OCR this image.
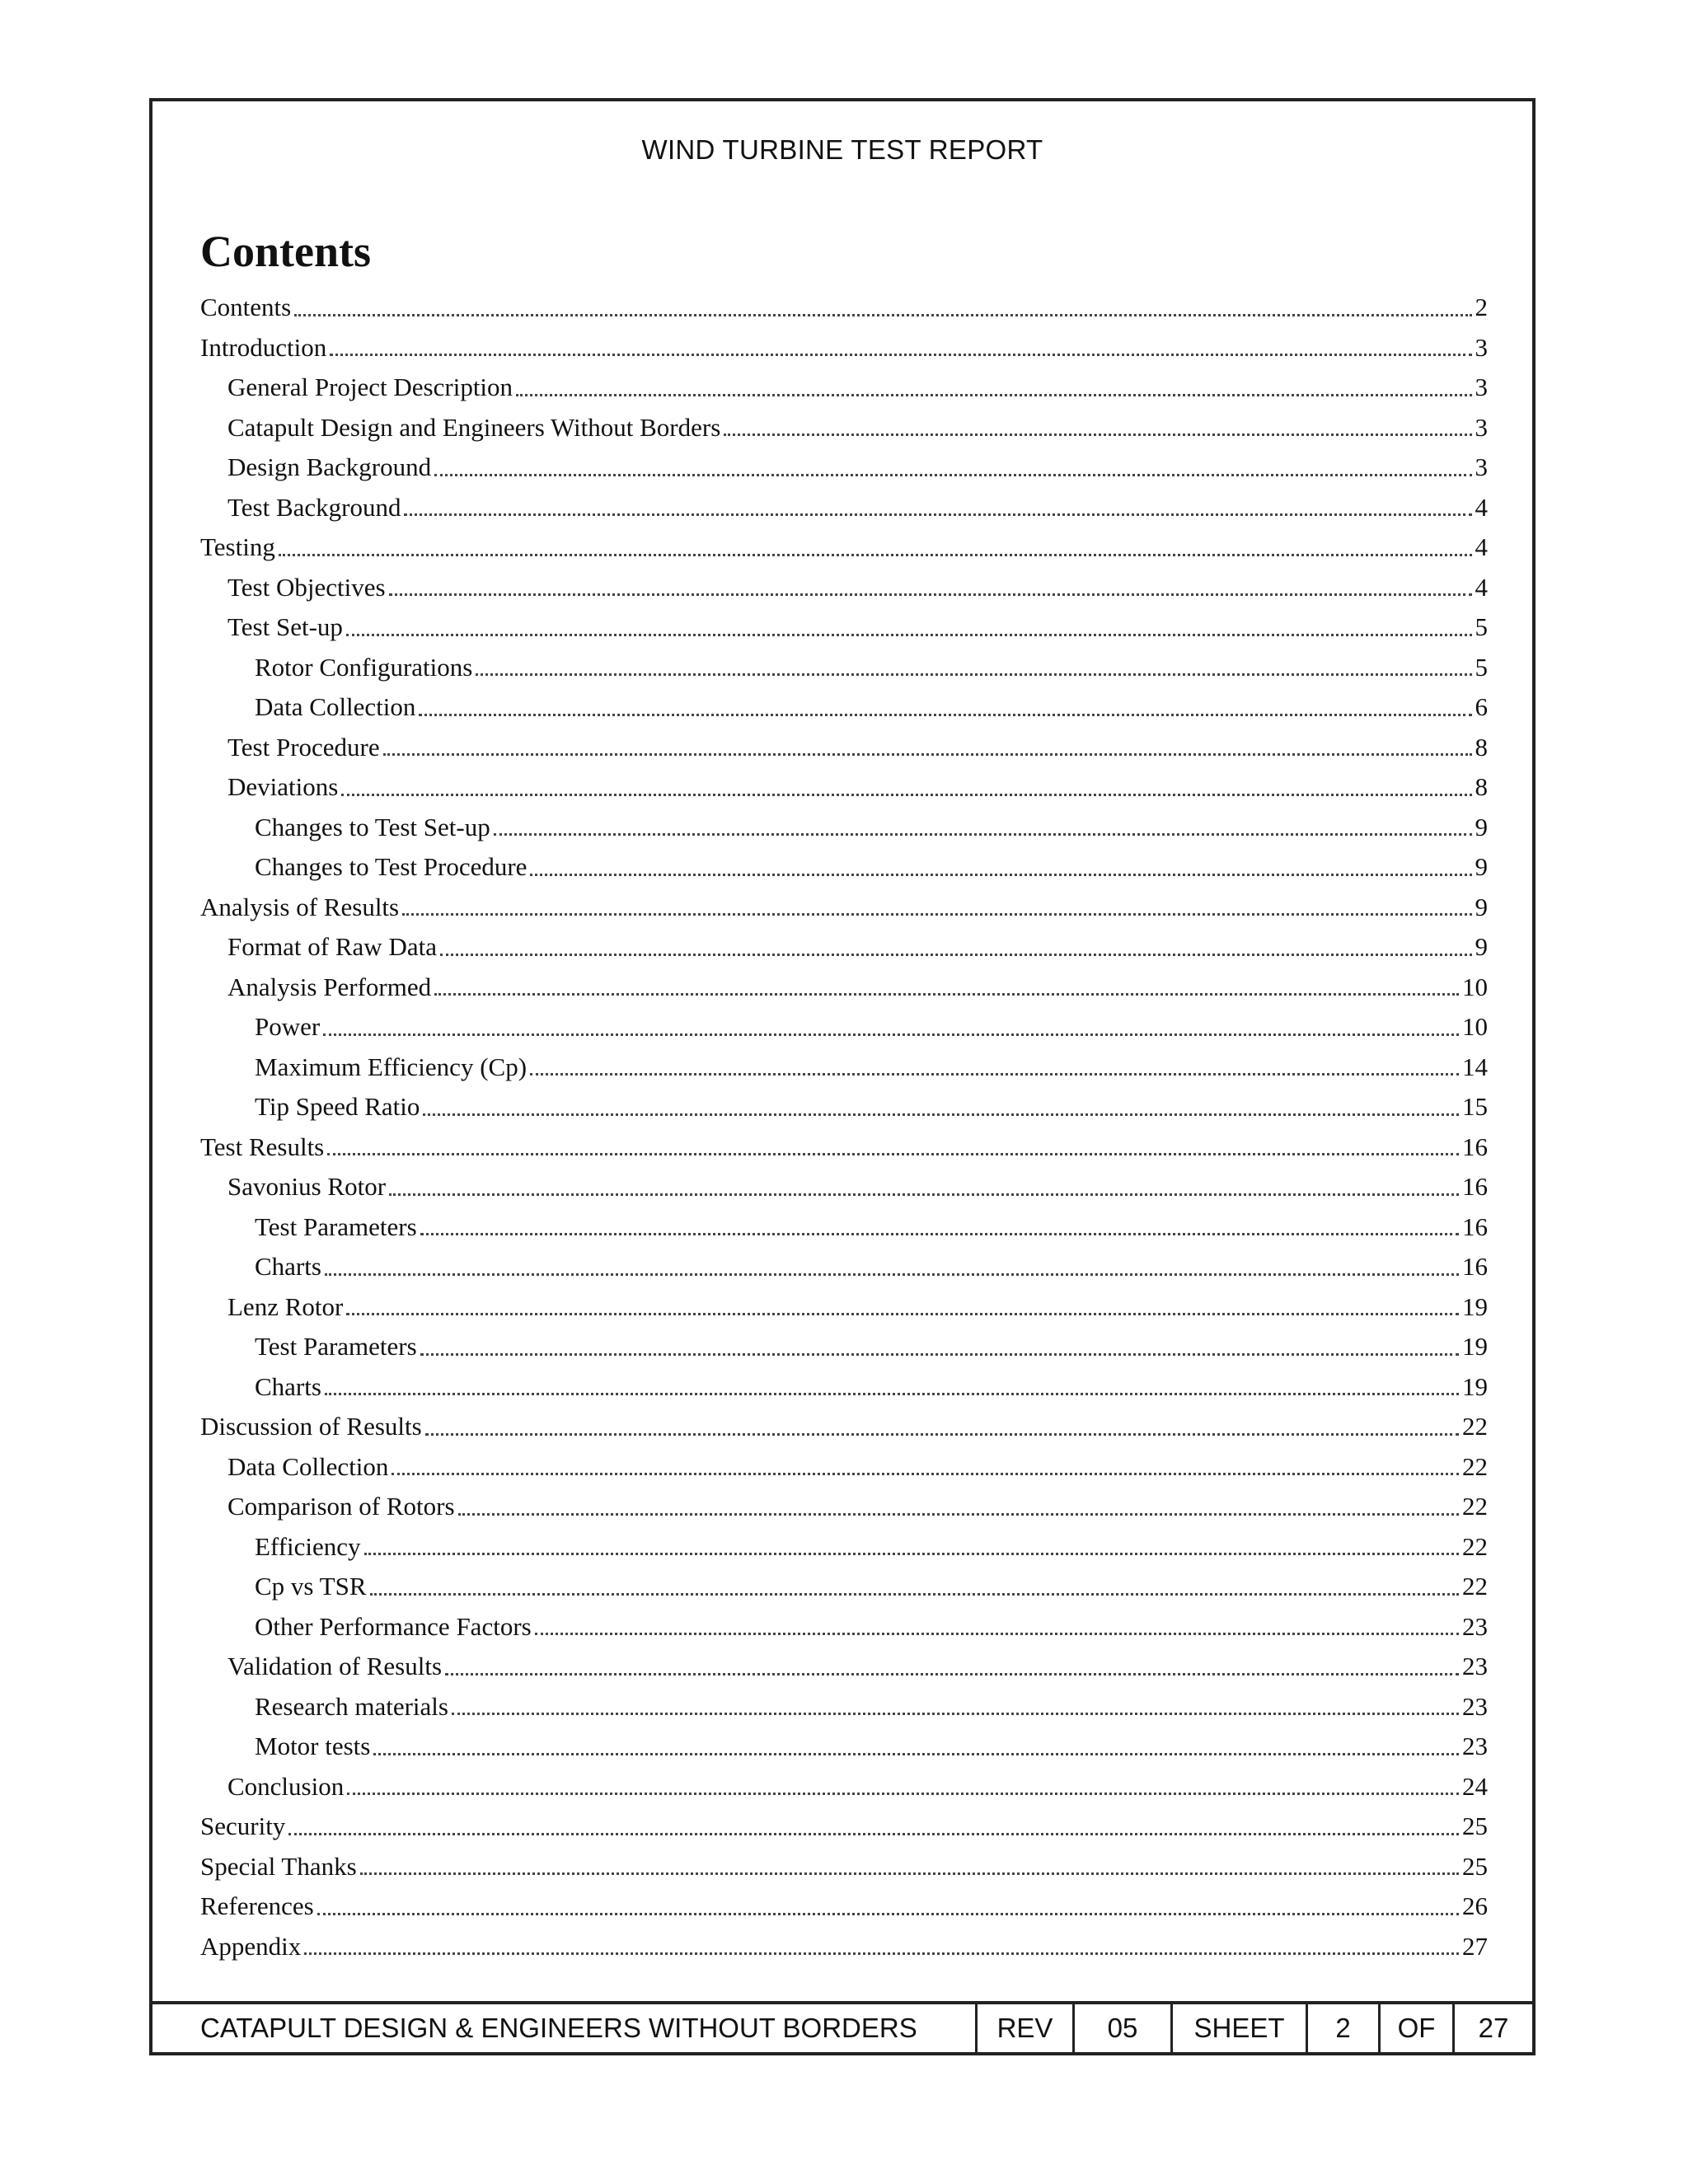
WIND TURBINE TEST REPORT
Contents
Contents	2
Introduction	3
General Project Description	3
Catapult Design and Engineers Without Borders	3
Design Background	3
Test Background	4
Testing	4
Test Objectives	4
Test Set-up	5
Rotor Configurations	5
Data Collection	6
Test Procedure	8
Deviations	8
Changes to Test Set-up	9
Changes to Test Procedure	9
Analysis of Results	9
Format of Raw Data	9
Analysis Performed	10
Power	10
Maximum Efficiency (Cp)	14
Tip Speed Ratio	15
Test Results	16
Savonius Rotor	16
Test Parameters	16
Charts	16
Lenz Rotor	19
Test Parameters	19
Charts	19
Discussion of Results	22
Data Collection	22
Comparison of Rotors	22
Efficiency	22
Cp vs TSR	22
Other Performance Factors	23
Validation of Results	23
Research materials	23
Motor tests	23
Conclusion	24
Security	25
Special Thanks	25
References	26
Appendix	27
CATAPULT DESIGN & ENGINEERS WITHOUT BORDERS	REV	05	SHEET	2	OF	27
